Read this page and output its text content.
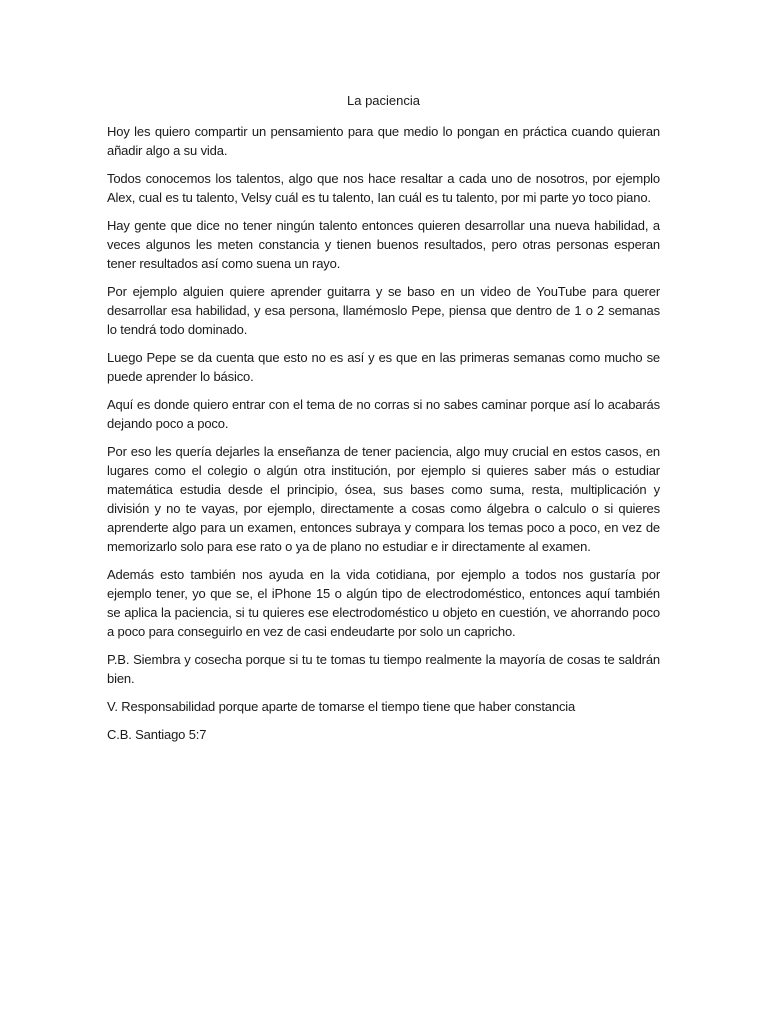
La paciencia

Hoy les quiero compartir un pensamiento para que medio lo pongan en práctica cuando quieran añadir algo a su vida.

Todos conocemos los talentos, algo que nos hace resaltar a cada uno de nosotros, por ejemplo Alex, cual es tu talento, Velsy cuál es tu talento, Ian cuál es tu talento, por mi parte yo toco piano.

Hay gente que dice no tener ningún talento entonces quieren desarrollar una nueva habilidad, a veces algunos les meten constancia y tienen buenos resultados, pero otras personas esperan tener resultados así como suena un rayo.

Por ejemplo alguien quiere aprender guitarra y se baso en un video de YouTube para querer desarrollar esa habilidad, y esa persona, llamémoslo Pepe, piensa que dentro de 1 o 2 semanas lo tendrá todo dominado.

Luego Pepe se da cuenta que esto no es así y es que en las primeras semanas como mucho se puede aprender lo básico.

Aquí es donde quiero entrar con el tema de no corras si no sabes caminar porque así lo acabarás dejando poco a poco.

Por eso les quería dejarles la enseñanza de tener paciencia, algo muy crucial en estos casos, en lugares como el colegio o algún otra institución, por ejemplo si quieres saber más o estudiar matemática estudia desde el principio, ósea, sus bases como suma, resta, multiplicación y división y no te vayas, por ejemplo, directamente a cosas como álgebra o calculo o si quieres aprenderte algo para un examen, entonces subraya y compara los temas poco a poco, en vez de memorizarlo solo para ese rato o ya de plano no estudiar e ir directamente al examen.

Además esto también nos ayuda en la vida cotidiana, por ejemplo a todos nos gustaría por ejemplo tener, yo que se, el iPhone 15 o algún tipo de electrodoméstico, entonces aquí también se aplica la paciencia, si tu quieres ese electrodoméstico u objeto en cuestión, ve ahorrando poco a poco para conseguirlo en vez de casi endeudarte por solo un capricho.

P.B. Siembra y cosecha porque si tu te tomas tu tiempo realmente la mayoría de cosas te saldrán bien.

V. Responsabilidad porque aparte de tomarse el tiempo tiene que haber constancia

C.B. Santiago 5:7
